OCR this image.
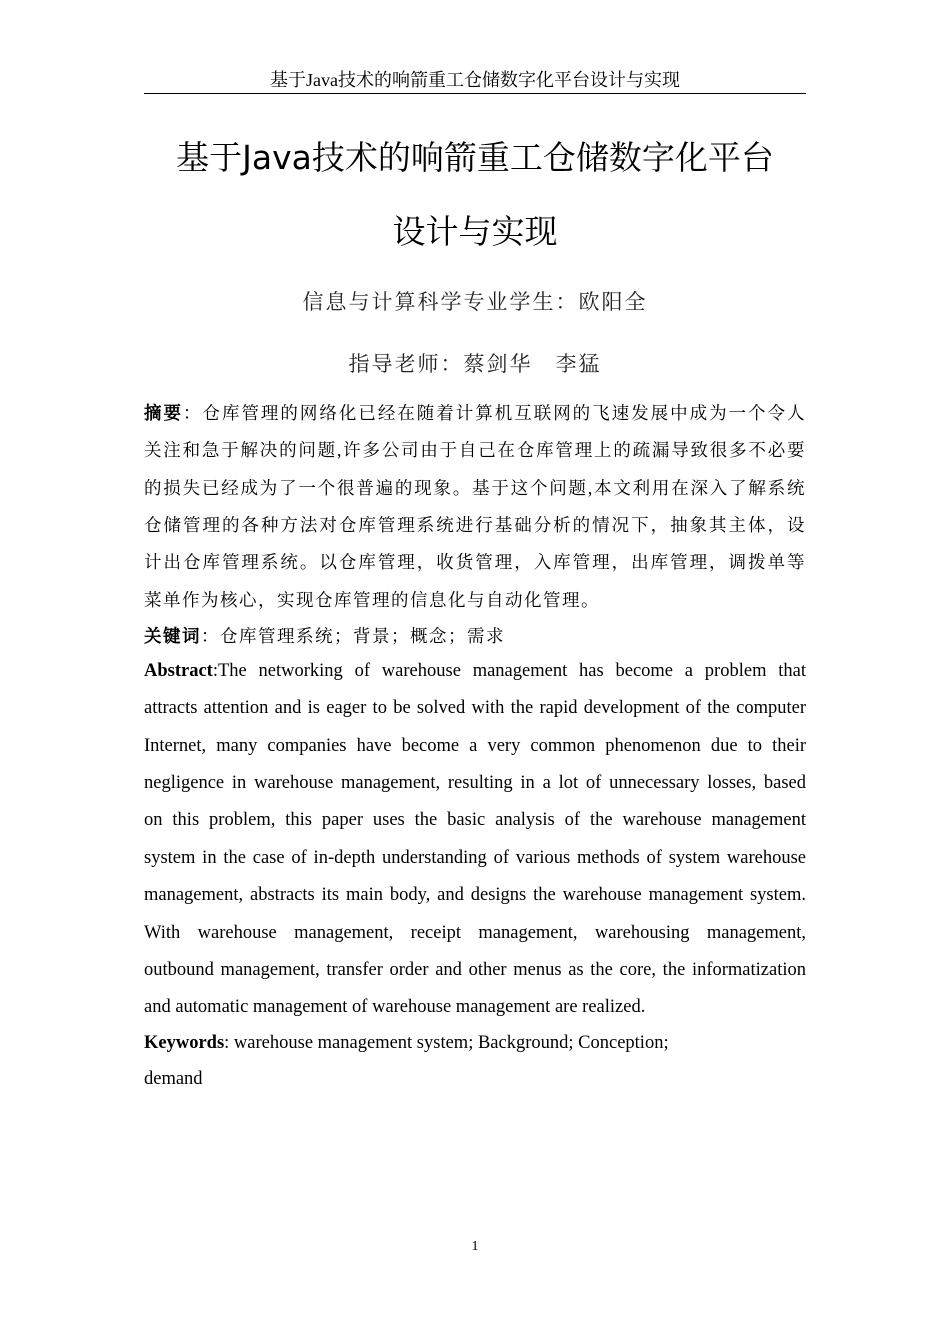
基于Java技术的响箭重工仓储数字化平台设计与实现
基于Java技术的响箭重工仓储数字化平台
设计与实现
信息与计算科学专业学生：欧阳全
指导老师：蔡剑华　李猛
摘要：仓库管理的网络化已经在随着计算机互联网的飞速发展中成为一个令人
关注和急于解决的问题,许多公司由于自己在仓库管理上的疏漏导致很多不必要
的损失已经成为了一个很普遍的现象。基于这个问题,本文利用在深入了解系统
仓储管理的各种方法对仓库管理系统进行基础分析的情况下，抽象其主体，设
计出仓库管理系统。以仓库管理，收货管理，入库管理，出库管理，调拨单等
菜单作为核心，实现仓库管理的信息化与自动化管理。
关键词：仓库管理系统；背景；概念；需求
Abstract:The networking of warehouse management has become a problem that
attracts attention and is eager to be solved with the rapid development of the computer
Internet, many companies have become a very common phenomenon due to their
negligence in warehouse management, resulting in a lot of unnecessary losses, based
on this problem, this paper uses the basic analysis of the warehouse management
system in the case of in-depth understanding of various methods of system warehouse
management, abstracts its main body, and designs the warehouse management system.
With warehouse management, receipt management, warehousing management,
outbound management, transfer order and other menus as the core, the informatization
and automatic management of warehouse management are realized.
Keywords: warehouse management system; Background; Conception;
demand
1
